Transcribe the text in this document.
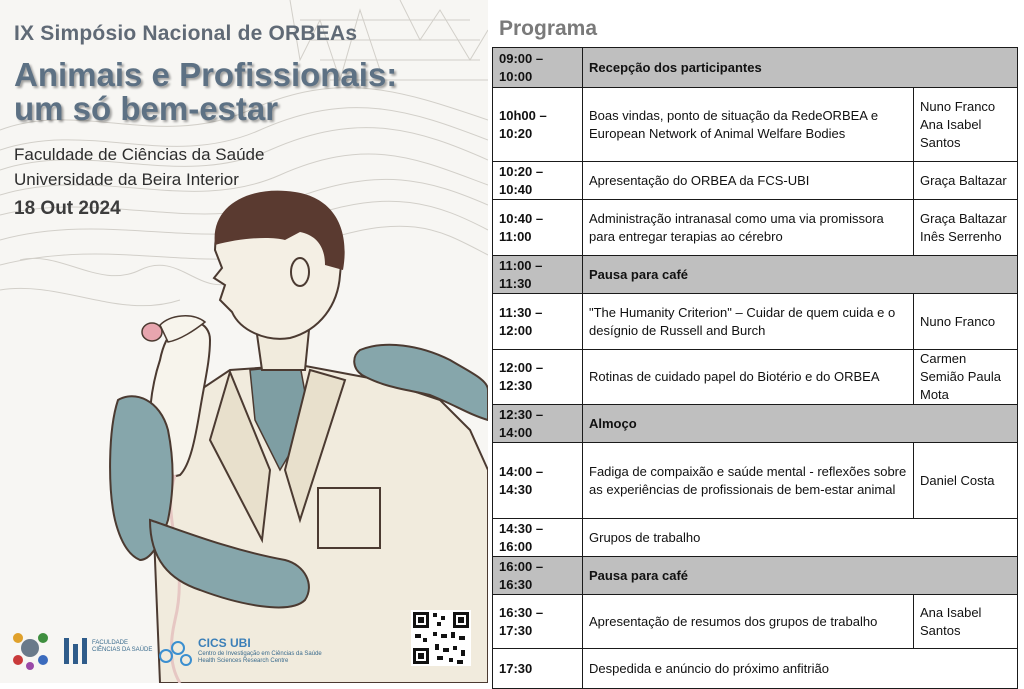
IX Simpósio Nacional de ORBEAs
Animais e Profissionais:
um só bem-estar
Faculdade de Ciências da Saúde
Universidade da Beira Interior
18 Out 2024
FACULDADE
CIÊNCIAS DA SAÚDE	CICS UBI
Centro de Investigação em Ciências da Saúde
Health Sciences Research Centre
Programa
09:00 – 10:00	Recepção dos participantes	
10h00 – 10:20	Boas vindas, ponto de situação da RedeORBEA e European Network of Animal Welfare Bodies	Nuno Franco Ana Isabel Santos
10:20 – 10:40	Apresentação do ORBEA da FCS-UBI	Graça Baltazar
10:40 – 11:00	Administração intranasal como uma via promissora para entregar terapias ao cérebro	Graça Baltazar Inês Serrenho
11:00 – 11:30	Pausa para café	
11:30 – 12:00	"The Humanity Criterion" – Cuidar de quem cuida e o desígnio de Russell and Burch	Nuno Franco
12:00 – 12:30	Rotinas de cuidado papel do Biotério e do ORBEA	Carmen Semião Paula Mota
12:30 – 14:00	Almoço	
14:00 – 14:30	Fadiga de compaixão e saúde mental - reflexões sobre as experiências de profissionais de bem-estar animal	Daniel Costa
14:30 – 16:00	Grupos de trabalho	
16:00 – 16:30	Pausa para café	
16:30 – 17:30	Apresentação de resumos dos grupos de trabalho	Ana Isabel Santos
17:30	Despedida e anúncio do próximo anfitrião	
